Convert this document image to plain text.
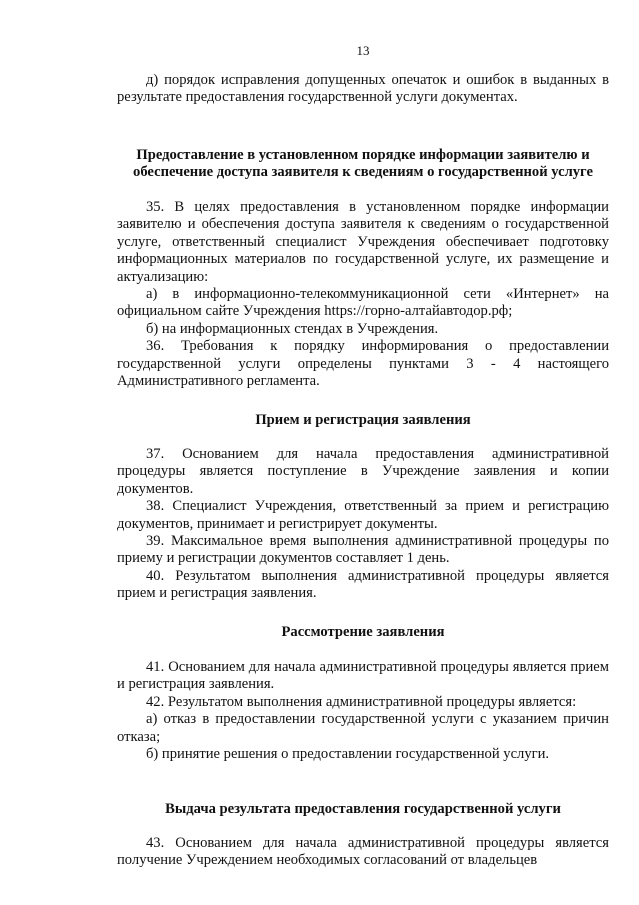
13

д) порядок исправления допущенных опечаток и ошибок в выданных в результате предоставления государственной услуги документах.

Предоставление в установленном порядке информации заявителю и
обеспечение доступа заявителя к сведениям о государственной услуге

35. В целях предоставления в установленном порядке информации заявителю и обеспечения доступа заявителя к сведениям о государственной услуге, ответственный специалист Учреждения обеспечивает подготовку информационных материалов по государственной услуге, их размещение и актуализацию:

а) в информационно-телекоммуникационной сети «Интернет» на официальном сайте Учреждения https://горно-алтайавтодор.рф;

б) на информационных стендах в Учреждения.

36. Требования к порядку информирования о предоставлении государственной услуги определены пунктами 3 - 4 настоящего Административного регламента.

Прием и регистрация заявления

37. Основанием для начала предоставления административной процедуры является поступление в Учреждение заявления и копии документов.

38. Специалист Учреждения, ответственный за прием и регистрацию документов, принимает и регистрирует документы.

39. Максимальное время выполнения административной процедуры по приему и регистрации документов составляет 1 день.

40. Результатом выполнения административной процедуры является прием и регистрация заявления.

Рассмотрение заявления

41. Основанием для начала административной процедуры является прием и регистрация заявления.

42. Результатом выполнения административной процедуры является:

а) отказ в предоставлении государственной услуги с указанием причин отказа;

б) принятие решения о предоставлении государственной услуги.

Выдача результата предоставления государственной услуги

43. Основанием для начала административной процедуры является получение Учреждением необходимых согласований от владельцев
